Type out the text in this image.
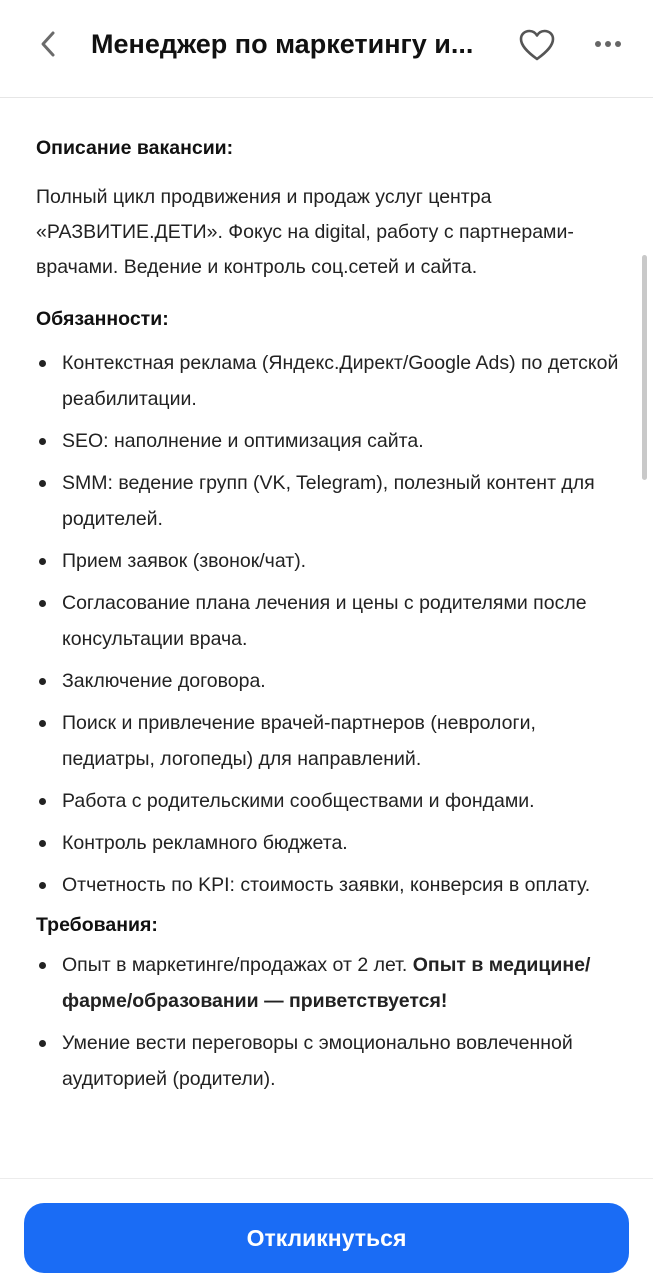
Менеджер по маркетингу и...
Описание вакансии:
Полный цикл продвижения и продаж услуг центра «РАЗВИТИЕ.ДЕТИ». Фокус на digital, работу с партнерами-врачами. Ведение и контроль соц.сетей и сайта.
Обязанности:
Контекстная реклама (Яндекс.Директ/Google Ads) по детской реабилитации.
SEO: наполнение и оптимизация сайта.
SMM: ведение групп (VK, Telegram), полезный контент для родителей.
Прием заявок (звонок/чат).
Согласование плана лечения и цены с родителями после консультации врача.
Заключение договора.
Поиск и привлечение врачей-партнеров (неврологи, педиатры, логопеды) для направлений.
Работа с родительскими сообществами и фондами.
Контроль рекламного бюджета.
Отчетность по KPI: стоимость заявки, конверсия в оплату.
Требования:
Опыт в маркетинге/продажах от 2 лет. Опыт в медицине/фарме/образовании — приветствуется!
Умение вести переговоры с эмоционально вовлеченной аудиторией (родители).
Откликнуться
